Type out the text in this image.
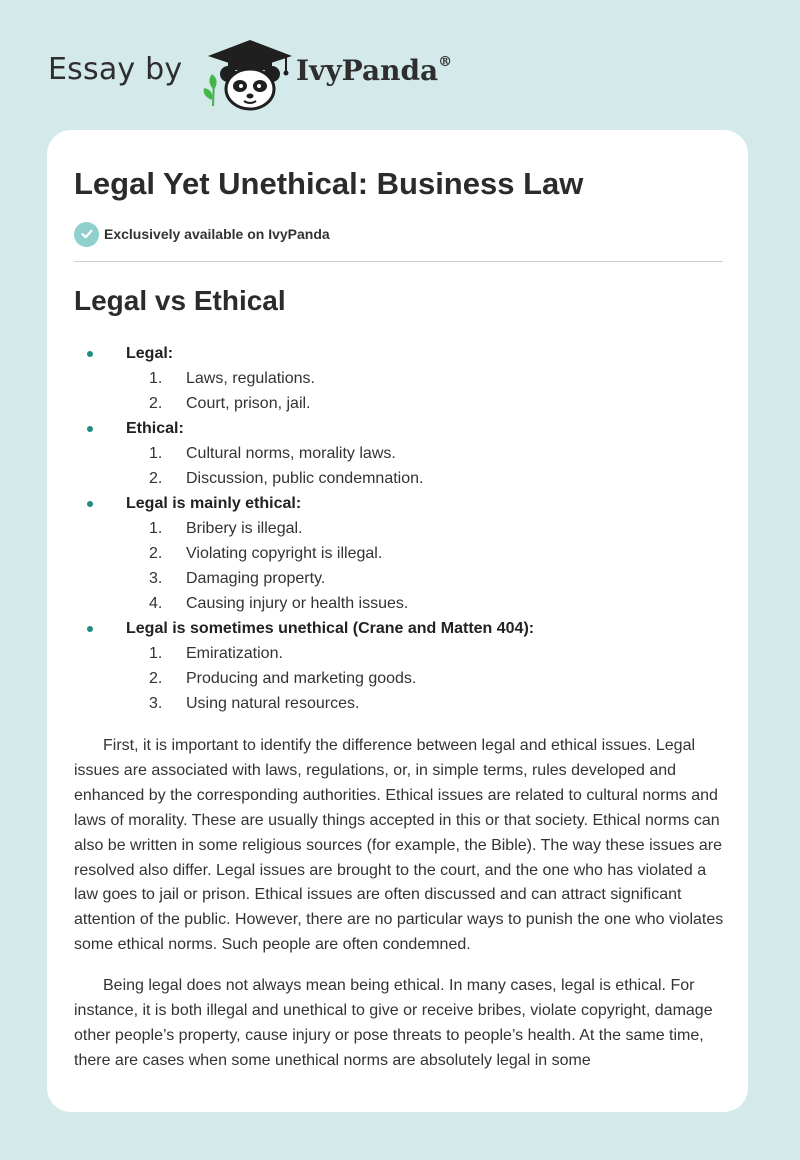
Essay by	IvyPanda®
Legal Yet Unethical: Business Law
Exclusively available on IvyPanda
Legal vs Ethical
Legal:
1. Laws, regulations.
2. Court, prison, jail.
Ethical:
1. Cultural norms, morality laws.
2. Discussion, public condemnation.
Legal is mainly ethical:
1. Bribery is illegal.
2. Violating copyright is illegal.
3. Damaging property.
4. Causing injury or health issues.
Legal is sometimes unethical (Crane and Matten 404):
1. Emiratization.
2. Producing and marketing goods.
3. Using natural resources.

First, it is important to identify the difference between legal and ethical issues. Legal issues are associated with laws, regulations, or, in simple terms, rules developed and enhanced by the corresponding authorities. Ethical issues are related to cultural norms and laws of morality. These are usually things accepted in this or that society. Ethical norms can also be written in some religious sources (for example, the Bible). The way these issues are resolved also differ. Legal issues are brought to the court, and the one who has violated a law goes to jail or prison. Ethical issues are often discussed and can attract significant attention of the public. However, there are no particular ways to punish the one who violates some ethical norms. Such people are often condemned.

Being legal does not always mean being ethical. In many cases, legal is ethical. For instance, it is both illegal and unethical to give or receive bribes, violate copyright, damage other people’s property, cause injury or pose threats to people’s health. At the same time, there are cases when some unethical norms are absolutely legal in some
